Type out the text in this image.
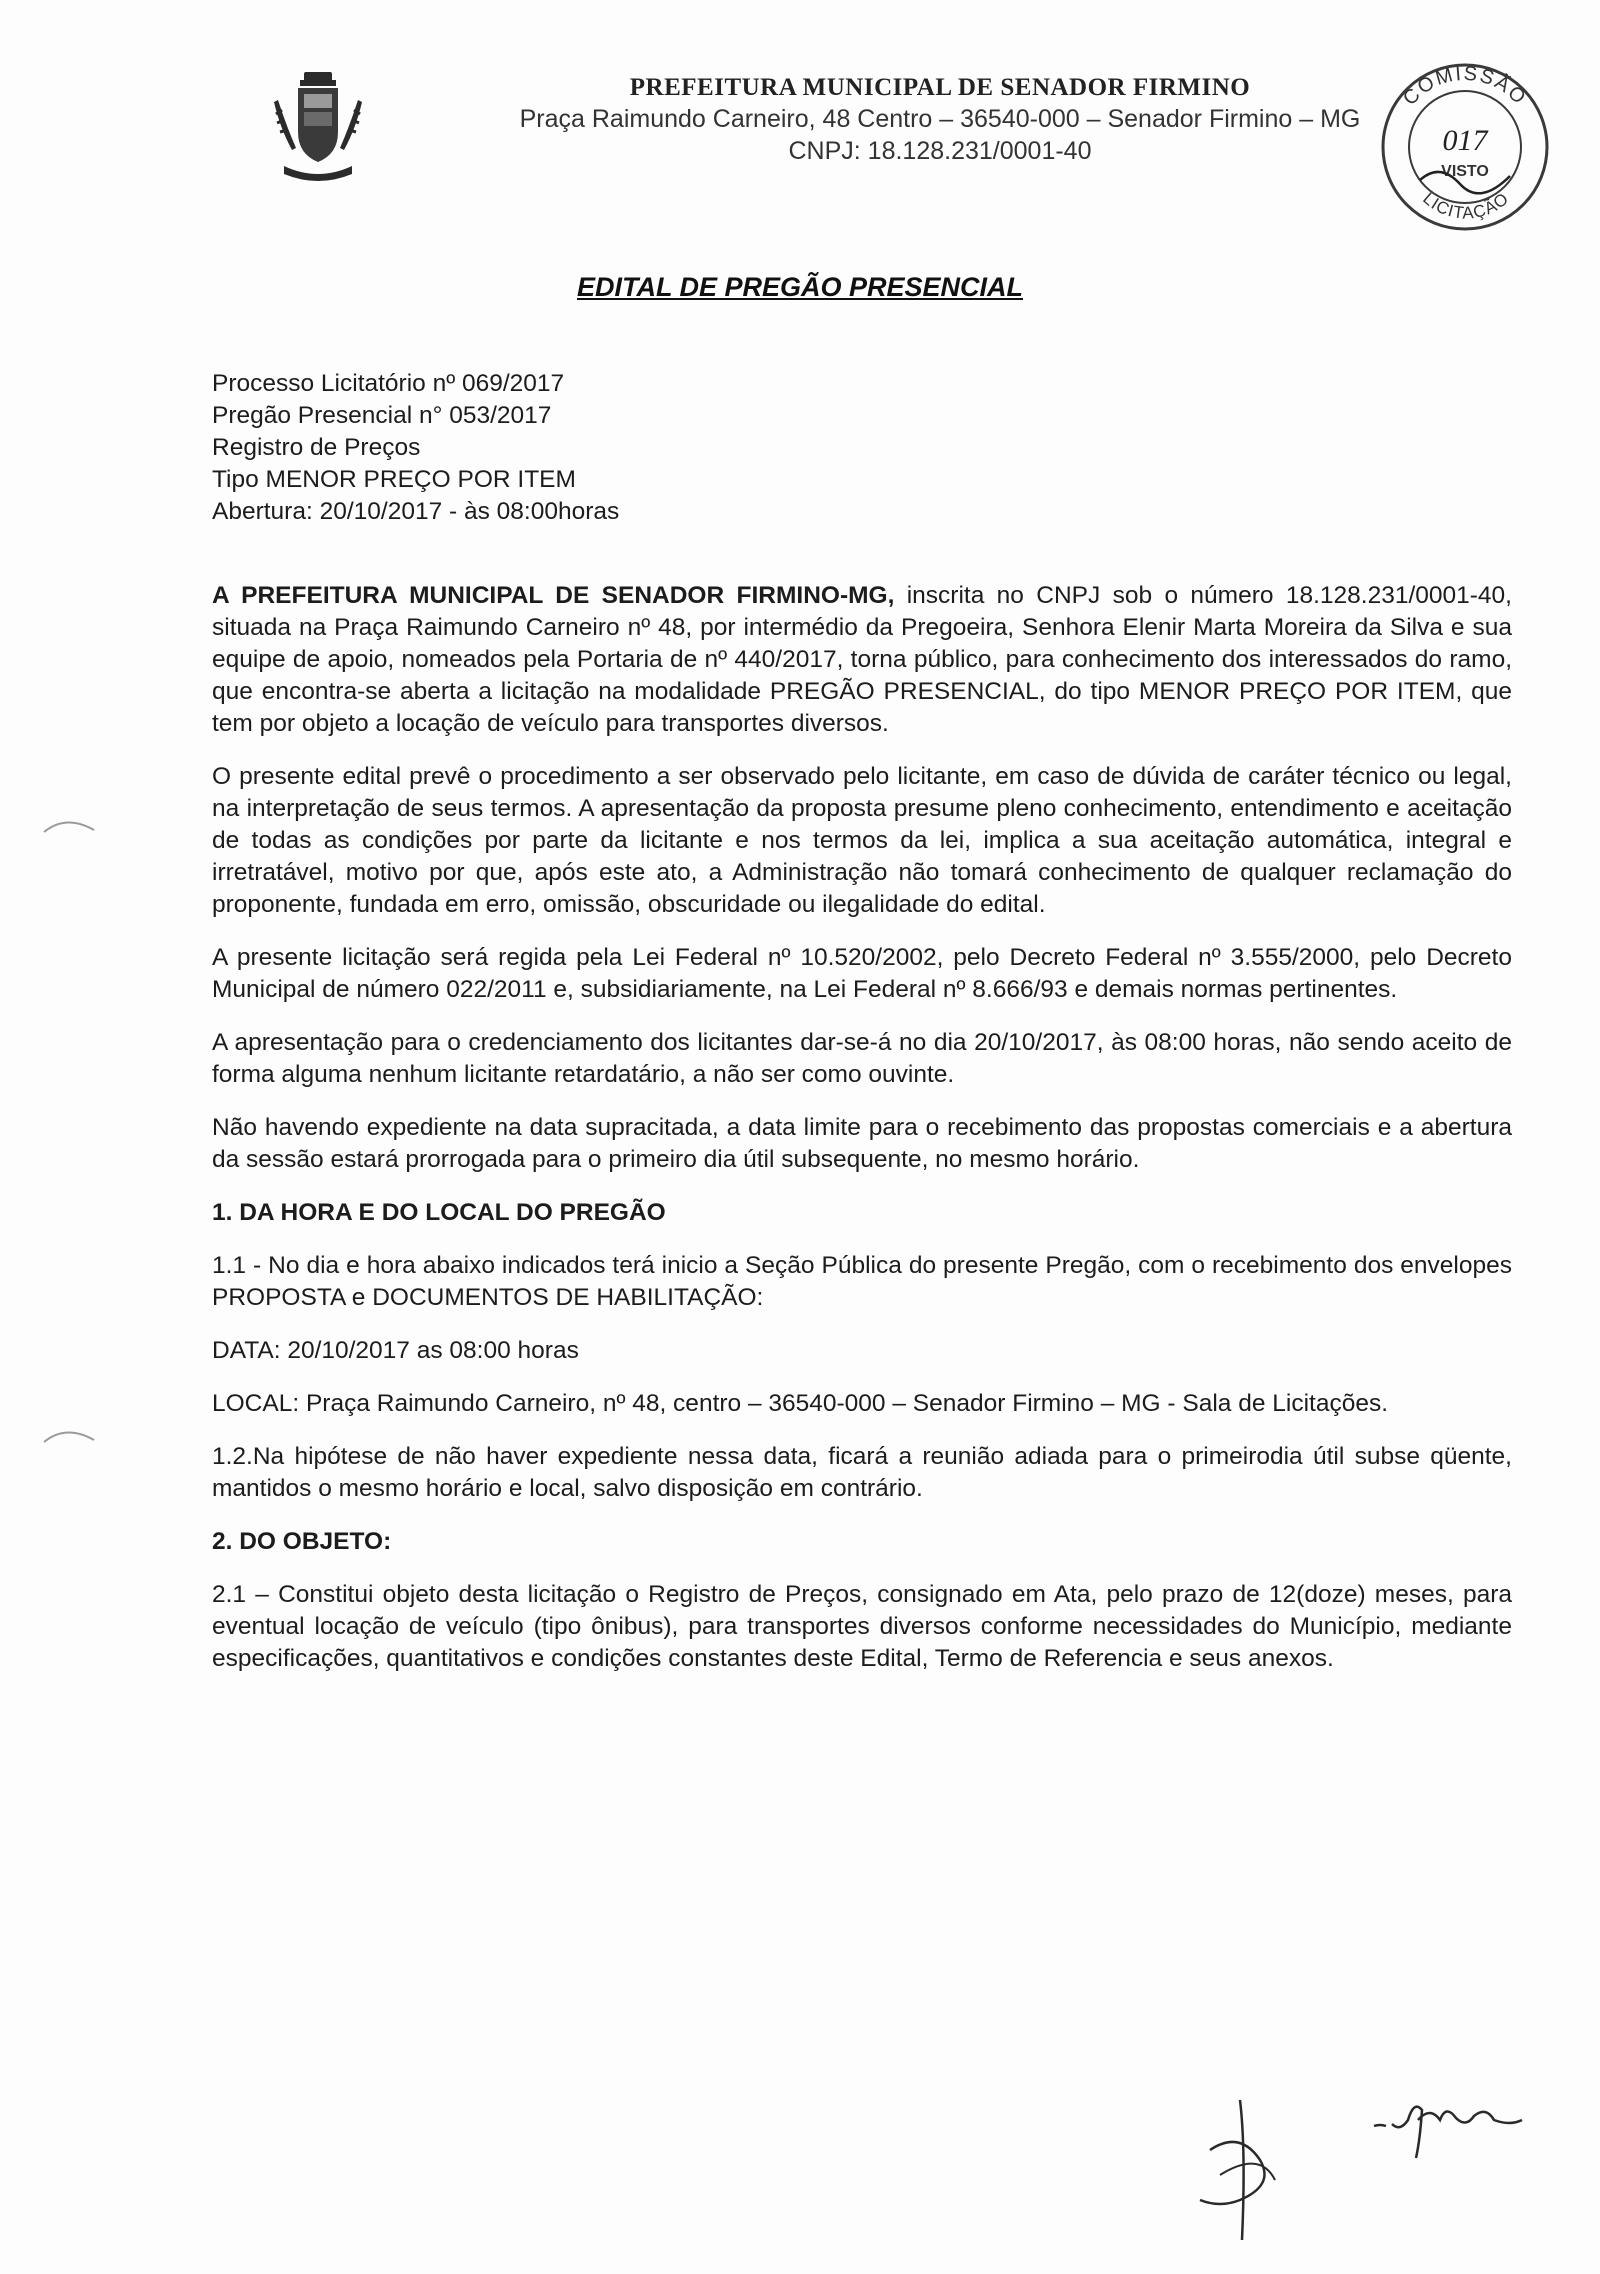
PREFEITURA MUNICIPAL DE SENADOR FIRMINO
Praça Raimundo Carneiro, 48 Centro – 36540-000 – Senador Firmino – MG
CNPJ: 18.128.231/0001-40
COMISSÃO
017
VISTO
LICITAÇÃO
EDITAL DE PREGÃO PRESENCIAL

Processo Licitatório nº 069/2017

Pregão Presencial n° 053/2017

Registro de Preços

Tipo MENOR PREÇO POR ITEM

Abertura: 20/10/2017 - às 08:00horas

A PREFEITURA MUNICIPAL DE SENADOR FIRMINO-MG, inscrita no CNPJ sob o número 18.128.231/0001-40, situada na Praça Raimundo Carneiro nº 48, por intermédio da Pregoeira, Senhora Elenir Marta Moreira da Silva e sua equipe de apoio, nomeados pela Portaria de nº 440/2017, torna público, para conhecimento dos interessados do ramo, que encontra-se aberta a licitação na modalidade PREGÃO PRESENCIAL, do tipo MENOR PREÇO POR ITEM, que tem por objeto a locação de veículo para transportes diversos.

O presente edital prevê o procedimento a ser observado pelo licitante, em caso de dúvida de caráter técnico ou legal, na interpretação de seus termos. A apresentação da proposta presume pleno conhecimento, entendimento e aceitação de todas as condições por parte da licitante e nos termos da lei, implica a sua aceitação automática, integral e irretratável, motivo por que, após este ato, a Administração não tomará conhecimento de qualquer reclamação do proponente, fundada em erro, omissão, obscuridade ou ilegalidade do edital.

A presente licitação será regida pela Lei Federal nº 10.520/2002, pelo Decreto Federal nº 3.555/2000, pelo Decreto Municipal de número 022/2011 e, subsidiariamente, na Lei Federal nº 8.666/93 e demais normas pertinentes.

A apresentação para o credenciamento dos licitantes dar-se-á no dia 20/10/2017, às 08:00 horas, não sendo aceito de forma alguma nenhum licitante retardatário, a não ser como ouvinte.

Não havendo expediente na data supracitada, a data limite para o recebimento das propostas comerciais e a abertura da sessão estará prorrogada para o primeiro dia útil subsequente, no mesmo horário.

1. DA HORA E DO LOCAL DO PREGÃO

1.1 - No dia e hora abaixo indicados terá inicio a Seção Pública do presente Pregão, com o recebimento dos envelopes PROPOSTA e DOCUMENTOS DE HABILITAÇÃO:

DATA: 20/10/2017 as 08:00 horas

LOCAL: Praça Raimundo Carneiro, nº 48, centro – 36540-000 – Senador Firmino – MG - Sala de Licitações.

1.2.Na hipótese de não haver expediente nessa data, ficará a reunião adiada para o primeirodia útil subse qüente, mantidos o mesmo horário e local, salvo disposição em contrário.

2. DO OBJETO:

2.1 – Constitui objeto desta licitação o Registro de Preços, consignado em Ata, pelo prazo de 12(doze) meses, para eventual locação de veículo (tipo ônibus), para transportes diversos conforme necessidades do Município, mediante especificações, quantitativos e condições constantes deste Edital, Termo de Referencia e seus anexos.
